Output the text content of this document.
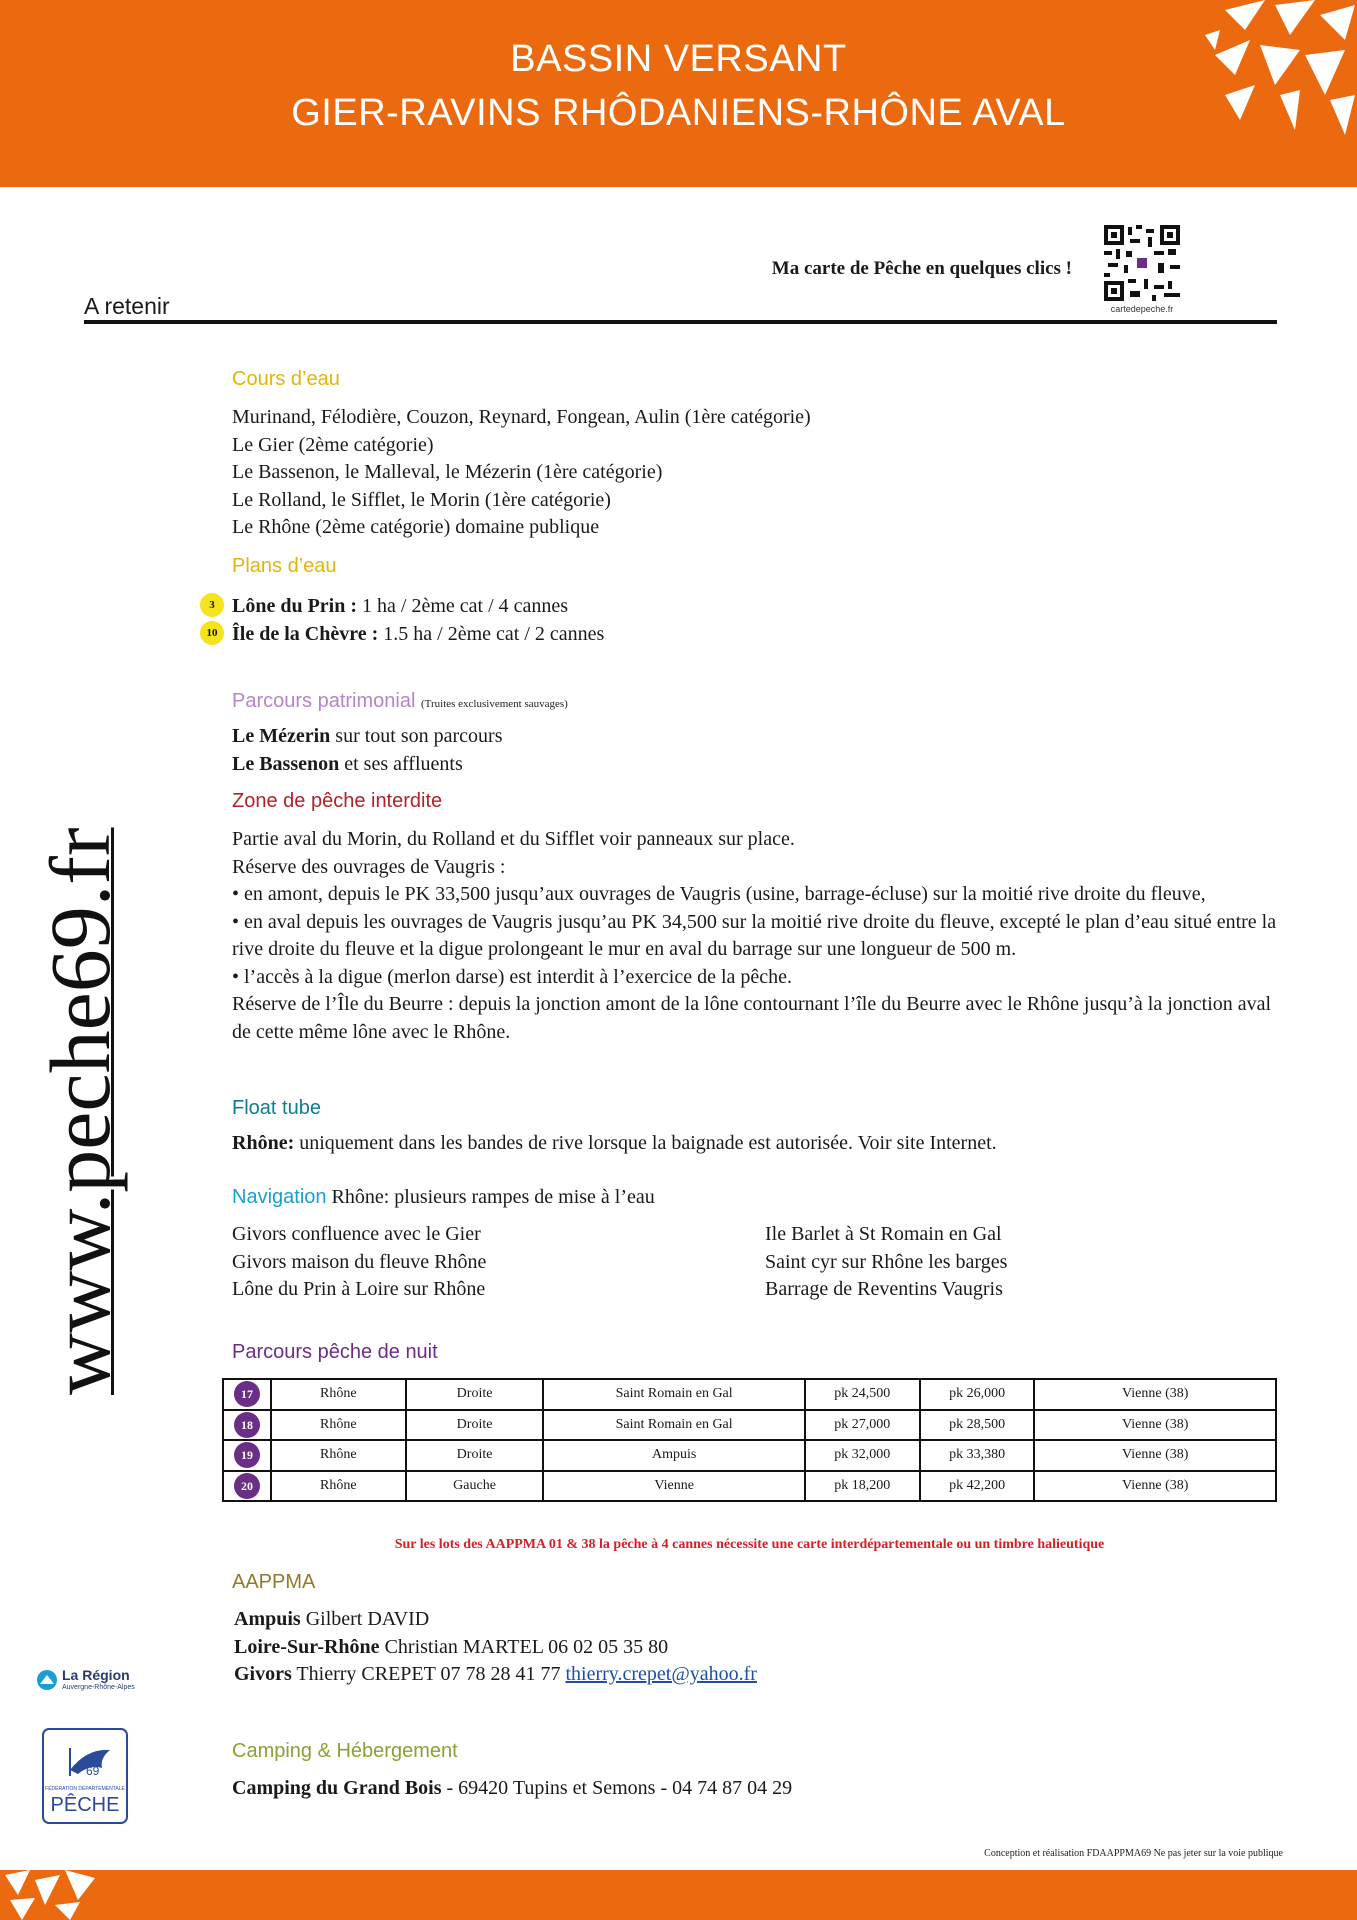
BASSIN VERSANT
GIER-RAVINS RHÔDANIENS-RHÔNE AVAL
Ma carte de Pêche en quelques clics !
cartedepeche.fr
A retenir
www.peche69.fr
Cours d’eau
Murinand, Félodière, Couzon, Reynard, Fongean, Aulin (1ère catégorie)
Le Gier (2ème catégorie)
Le Bassenon, le Malleval, le Mézerin (1ère catégorie)
Le Rolland, le Sifflet, le Morin (1ère catégorie)
Le Rhône (2ème catégorie) domaine publique
Plans d’eau
3 Lône du Prin : 1 ha / 2ème cat / 4 cannes
10 Île de la Chèvre : 1.5 ha / 2ème cat / 2 cannes
Parcours patrimonial (Truites exclusivement sauvages)
Le Mézerin sur tout son parcours
Le Bassenon et ses affluents
Zone de pêche interdite
Partie aval du Morin, du Rolland et du Sifflet voir panneaux sur place.
Réserve des ouvrages de Vaugris :
• en amont, depuis le PK 33,500 jusqu’aux ouvrages de Vaugris (usine, barrage-écluse) sur la moitié rive droite du fleuve,
• en aval depuis les ouvrages de Vaugris jusqu’au PK 34,500 sur la moitié rive droite du fleuve, excepté le plan d’eau situé entre la rive droite du fleuve et la digue prolongeant le mur en aval du barrage sur une longueur de 500 m.
• l’accès à la digue (merlon darse) est interdit à l’exercice de la pêche.
Réserve de l’Île du Beurre : depuis la jonction amont de la lône contournant l’île du Beurre avec le Rhône jusqu’à la jonction aval de cette même lône avec le Rhône.
Float tube
Rhône: uniquement dans les bandes de rive lorsque la baignade est autorisée. Voir site Internet.
Navigation Rhône: plusieurs rampes de mise à l’eau
Givors confluence avec le Gier
Givors maison du fleuve Rhône
Lône du Prin à Loire sur Rhône
Ile Barlet à St Romain en Gal
Saint cyr sur Rhône les barges
Barrage de Reventins Vaugris
Parcours pêche de nuit
17	Rhône	Droite	Saint Romain en Gal	pk 24,500	pk 26,000	Vienne (38)
18	Rhône	Droite	Saint Romain en Gal	pk 27,000	pk 28,500	Vienne (38)
19	Rhône	Droite	Ampuis	pk 32,000	pk 33,380	Vienne (38)
20	Rhône	Gauche	Vienne	pk 18,200	pk 42,200	Vienne (38)
Sur les lots des AAPPMA 01 & 38 la pêche à 4 cannes nécessite une carte interdépartementale ou un timbre halieutique
AAPPMA
Ampuis Gilbert DAVID
Loire-Sur-Rhône Christian MARTEL 06 02 05 35 80
Givors Thierry CREPET 07 78 28 41 77 thierry.crepet@yahoo.fr
Camping & Hébergement
Camping du Grand Bois - 69420 Tupins et Semons - 04 74 87 04 29
La Région
Auvergne-Rhône-Alpes
69
FÉDÉRATION DÉPARTEMENTALE
PÊCHE
Conception et réalisation FDAAPPMA69 Ne pas jeter sur la voie publique
